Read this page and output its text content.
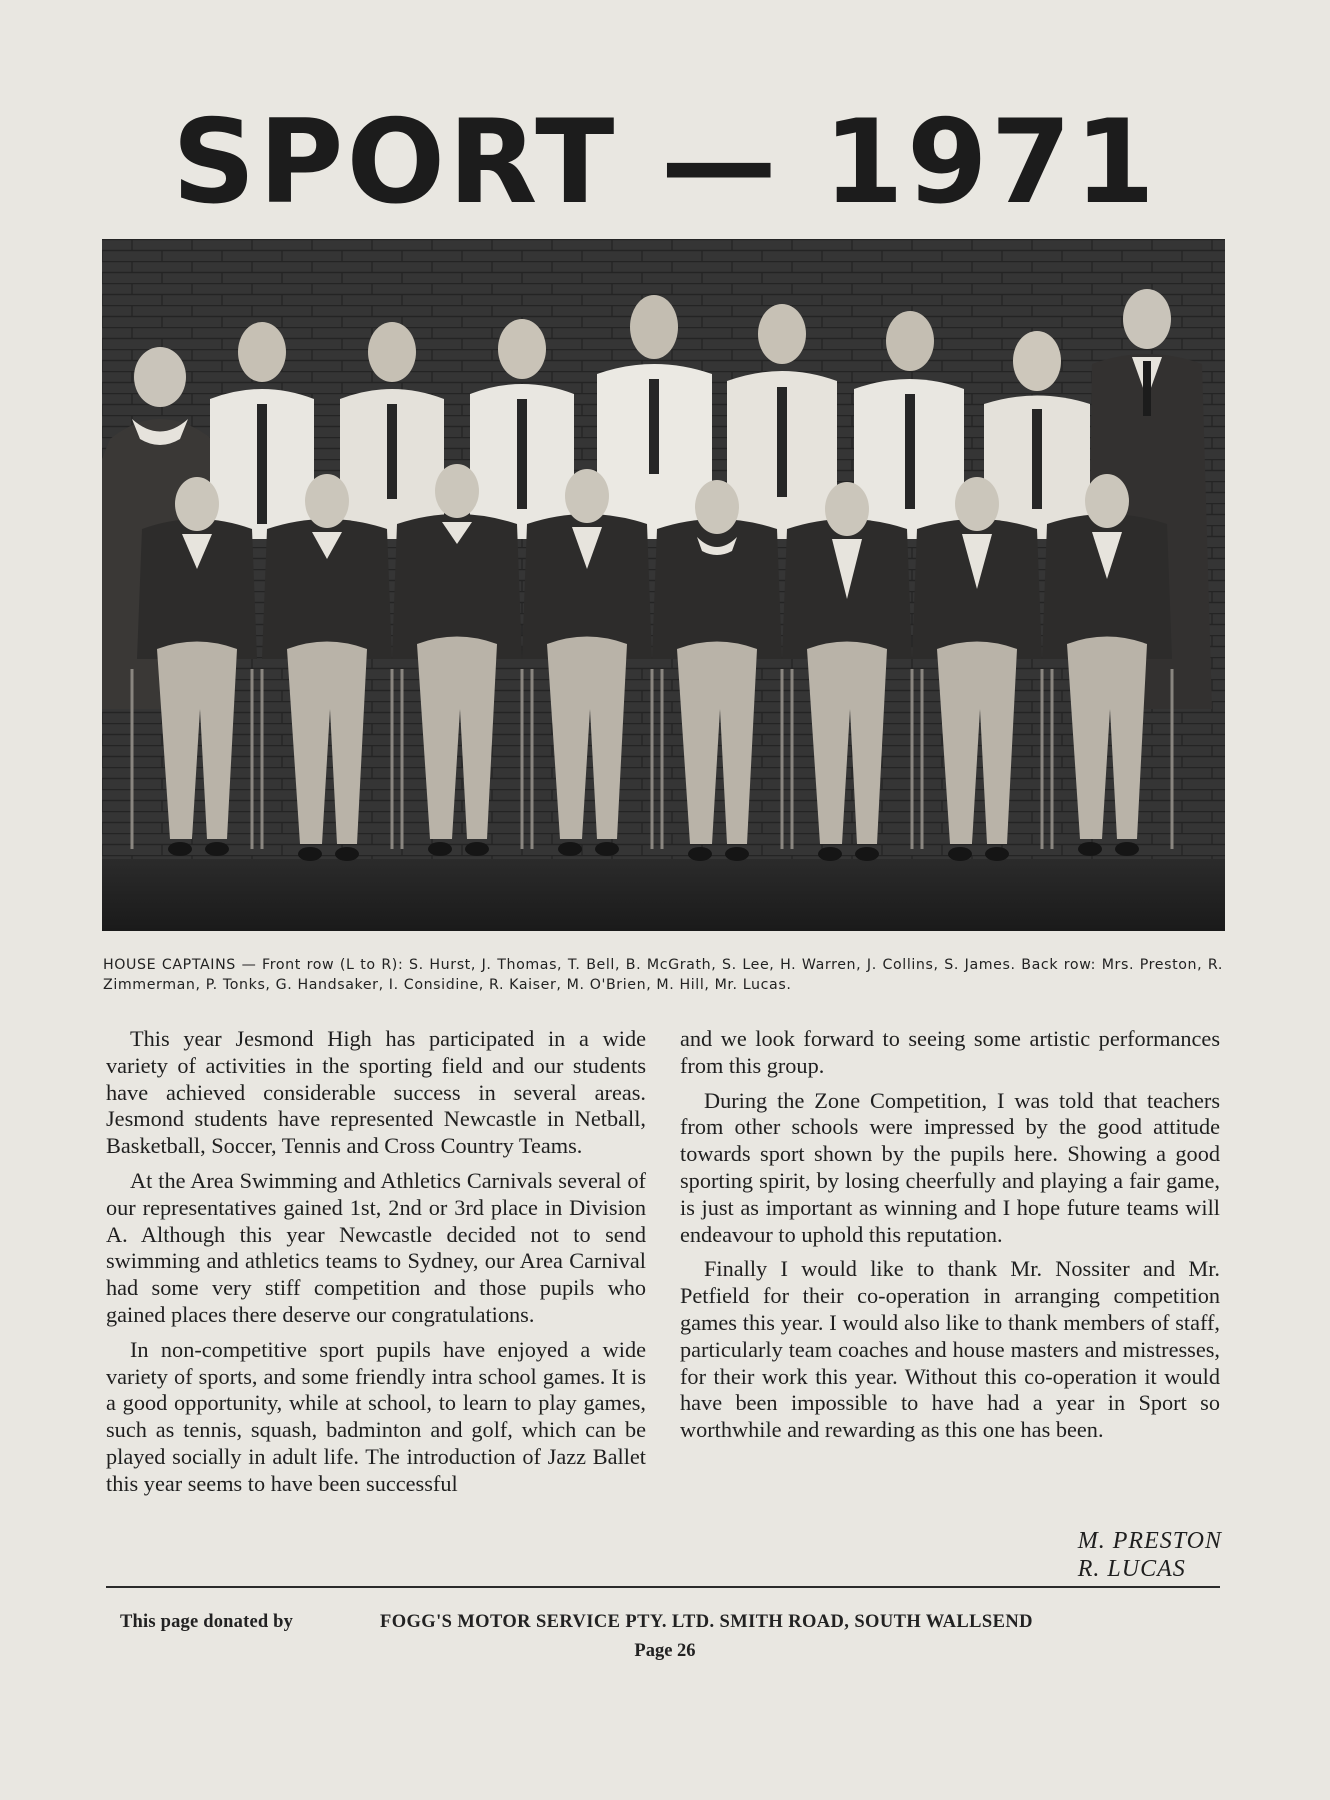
SPORT — 1971
HOUSE CAPTAINS — Front row (L to R): S. Hurst, J. Thomas, T. Bell, B. McGrath, S. Lee, H. Warren, J. Collins, S. James. Back row: Mrs. Preston, R. Zimmerman, P. Tonks, G. Handsaker, I. Considine, R. Kaiser, M. O'Brien, M. Hill, Mr. Lucas.

This year Jesmond High has participated in a wide variety of activities in the sporting field and our students have achieved considerable success in several areas. Jesmond students have represented Newcastle in Netball, Basketball, Soccer, Tennis and Cross Country Teams.

At the Area Swimming and Athletics Carnivals several of our representatives gained 1st, 2nd or 3rd place in Division A. Although this year Newcastle decided not to send swimming and athletics teams to Sydney, our Area Carnival had some very stiff competition and those pupils who gained places there deserve our congratulations.

In non-competitive sport pupils have enjoyed a wide variety of sports, and some friendly intra school games. It is a good opportunity, while at school, to learn to play games, such as tennis, squash, badminton and golf, which can be played socially in adult life. The introduction of Jazz Ballet this year seems to have been successful

and we look forward to seeing some artistic performances from this group.

During the Zone Competition, I was told that teachers from other schools were impressed by the good attitude towards sport shown by the pupils here. Showing a good sporting spirit, by losing cheerfully and playing a fair game, is just as important as winning and I hope future teams will endeavour to uphold this reputation.

Finally I would like to thank Mr. Nossiter and Mr. Petfield for their co-operation in arranging competition games this year. I would also like to thank members of staff, particularly team coaches and house masters and mistresses, for their work this year. Without this co-operation it would have been impossible to have had a year in Sport so worthwhile and rewarding as this one has been.

M. PRESTON
R. LUCAS
This page donated by	FOGG'S MOTOR SERVICE PTY. LTD. SMITH ROAD, SOUTH WALLSEND
Page 26
